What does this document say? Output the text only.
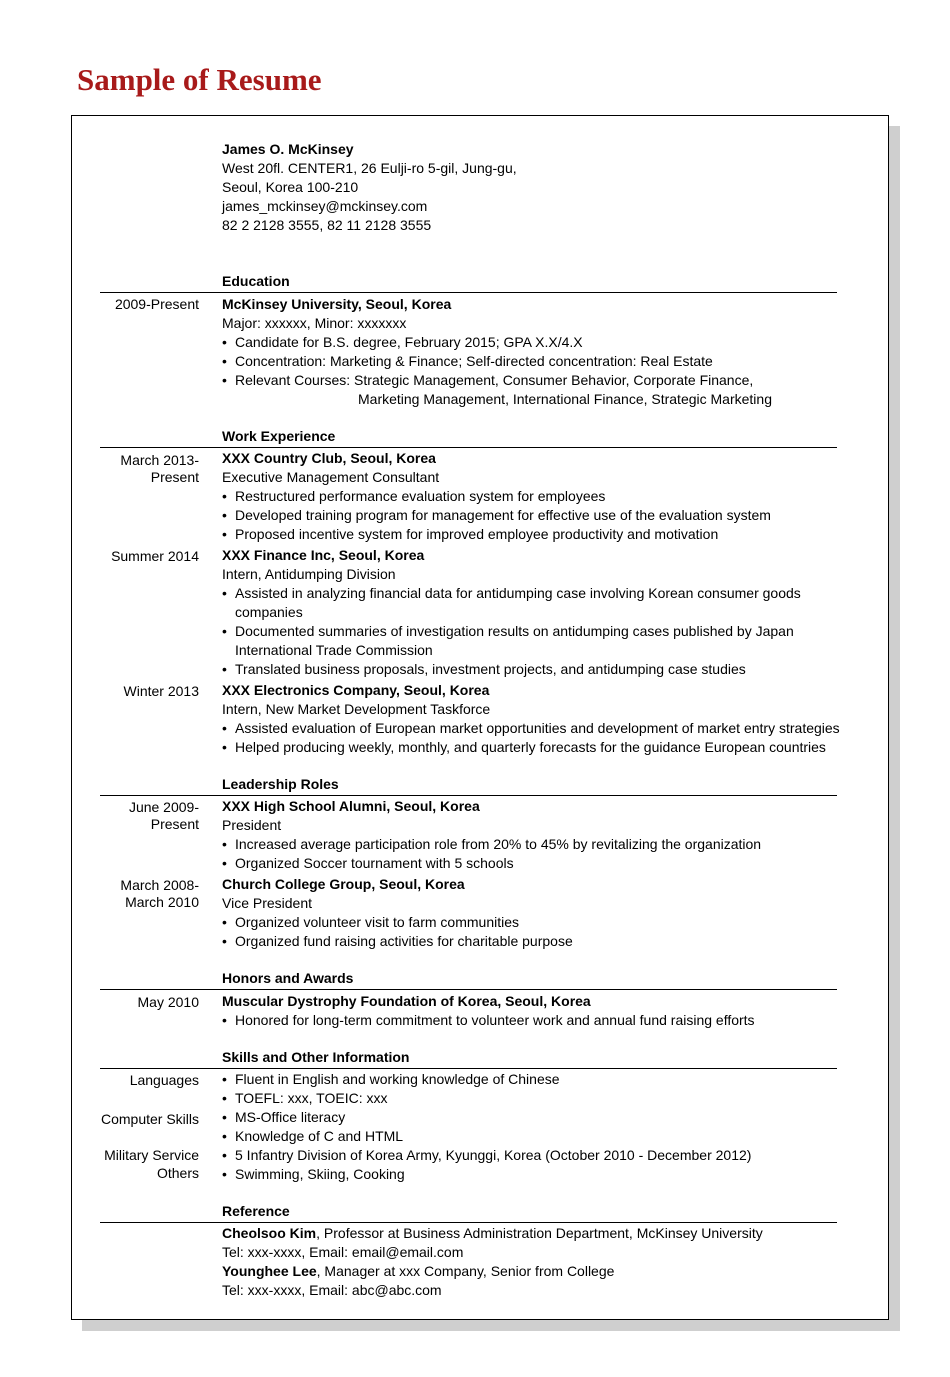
Sample of Resume
James O. McKinsey
West 20fl. CENTER1, 26 Eulji-ro 5-gil, Jung-gu,
Seoul, Korea 100-210
james_mckinsey@mckinsey.com
82 2 2128 3555, 82 11 2128 3555
Education
2009-Present McKinsey University, Seoul, Korea
Major: xxxxxx, Minor: xxxxxxx
• Candidate for B.S. degree, February 2015; GPA X.X/4.X
• Concentration: Marketing & Finance; Self-directed concentration: Real Estate
• Relevant Courses: Strategic Management, Consumer Behavior, Corporate Finance,
Marketing Management, International Finance, Strategic Marketing
Work Experience
March 2013-
Present
XXX Country Club, Seoul, Korea
Executive Management Consultant
• Restructured performance evaluation system for employees
• Developed training program for management for effective use of the evaluation system
• Proposed incentive system for improved employee productivity and motivation
Summer 2014 XXX Finance Inc, Seoul, Korea
Intern, Antidumping Division
• Assisted in analyzing financial data for antidumping case involving Korean consumer goods
companies
• Documented summaries of investigation results on antidumping cases published by Japan
International Trade Commission
• Translated business proposals, investment projects, and antidumping case studies
Winter 2013 XXX Electronics Company, Seoul, Korea
Intern, New Market Development Taskforce
• Assisted evaluation of European market opportunities and development of market entry strategies
• Helped producing weekly, monthly, and quarterly forecasts for the guidance European countries
Leadership Roles
June 2009-
Present
XXX High School Alumni, Seoul, Korea
President
• Increased average participation role from 20% to 45% by revitalizing the organization
• Organized Soccer tournament with 5 schools
March 2008-
March 2010
Church College Group, Seoul, Korea
Vice President
• Organized volunteer visit to farm communities
• Organized fund raising activities for charitable purpose
Honors and Awards
May 2010 Muscular Dystrophy Foundation of Korea, Seoul, Korea
• Honored for long-term commitment to volunteer work and annual fund raising efforts
Skills and Other Information
Languages
Computer Skills
Military Service
Others
• Fluent in English and working knowledge of Chinese
• TOEFL: xxx, TOEIC: xxx
• MS-Office literacy
• Knowledge of C and HTML
• 5 Infantry Division of Korea Army, Kyunggi, Korea (October 2010 - December 2012)
• Swimming, Skiing, Cooking
Reference
Cheolsoo Kim, Professor at Business Administration Department, McKinsey University
Tel: xxx-xxxx, Email: email@email.com
Younghee Lee, Manager at xxx Company, Senior from College
Tel: xxx-xxxx, Email: abc@abc.com
